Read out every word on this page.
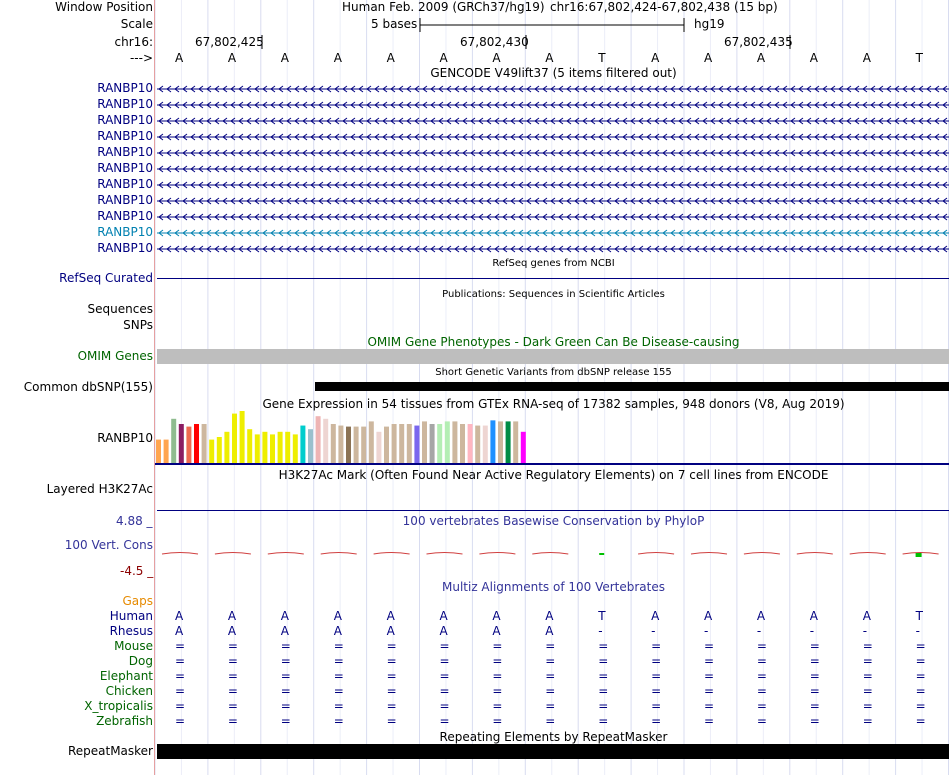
Window Position	Human Feb. 2009 (GRCh37/hg19) chr16:67,802,424-67,802,438 (15 bp)
Scale	5 bases	hg19
chr16:	67,802,425	67,802,430	67,802,435
---> A	A	A	A	A	A	A	A	T	A	A	A	A	A	T
GENCODE V49lift37 (5 items filtered out)
RANBP10
RANBP10
RANBP10
RANBP10
RANBP10
RANBP10
RANBP10
RANBP10
RANBP10
RANBP10
RANBP10
RefSeq genes from NCBI
RefSeq Curated
Publications: Sequences in Scientific Articles
Sequences
SNPs
OMIM Gene Phenotypes - Dark Green Can Be Disease-causing
OMIM Genes
Short Genetic Variants from dbSNP release 155
Common dbSNP(155)
Gene Expression in 54 tissues from GTEx RNA-seq of 17382 samples, 948 donors (V8, Aug 2019)
RANBP10
H3K27Ac Mark (Often Found Near Active Regulatory Elements) on 7 cell lines from ENCODE
Layered H3K27Ac
100 vertebrates Basewise Conservation by PhyloP
4.88 _
100 Vert. Cons
-4.5 _
Multiz Alignments of 100 Vertebrates
Gaps
Human A	A	A	A	A	A	A	A	T	A	A	A	A	A	T
Rhesus A	A	A	A	A	A	A	A	-	-	-	-	-	-	-
Mouse =	=	=	=	=	=	=	=	=	=	=	=	=	=	=
Dog =	=	=	=	=	=	=	=	=	=	=	=	=	=	=
Elephant =	=	=	=	=	=	=	=	=	=	=	=	=	=	=
Chicken =	=	=	=	=	=	=	=	=	=	=	=	=	=	=
X_tropicalis =	=	=	=	=	=	=	=	=	=	=	=	=	=	=
Zebrafish =	=	=	=	=	=	=	=	=	=	=	=	=	=	=
Repeating Elements by RepeatMasker
RepeatMasker
